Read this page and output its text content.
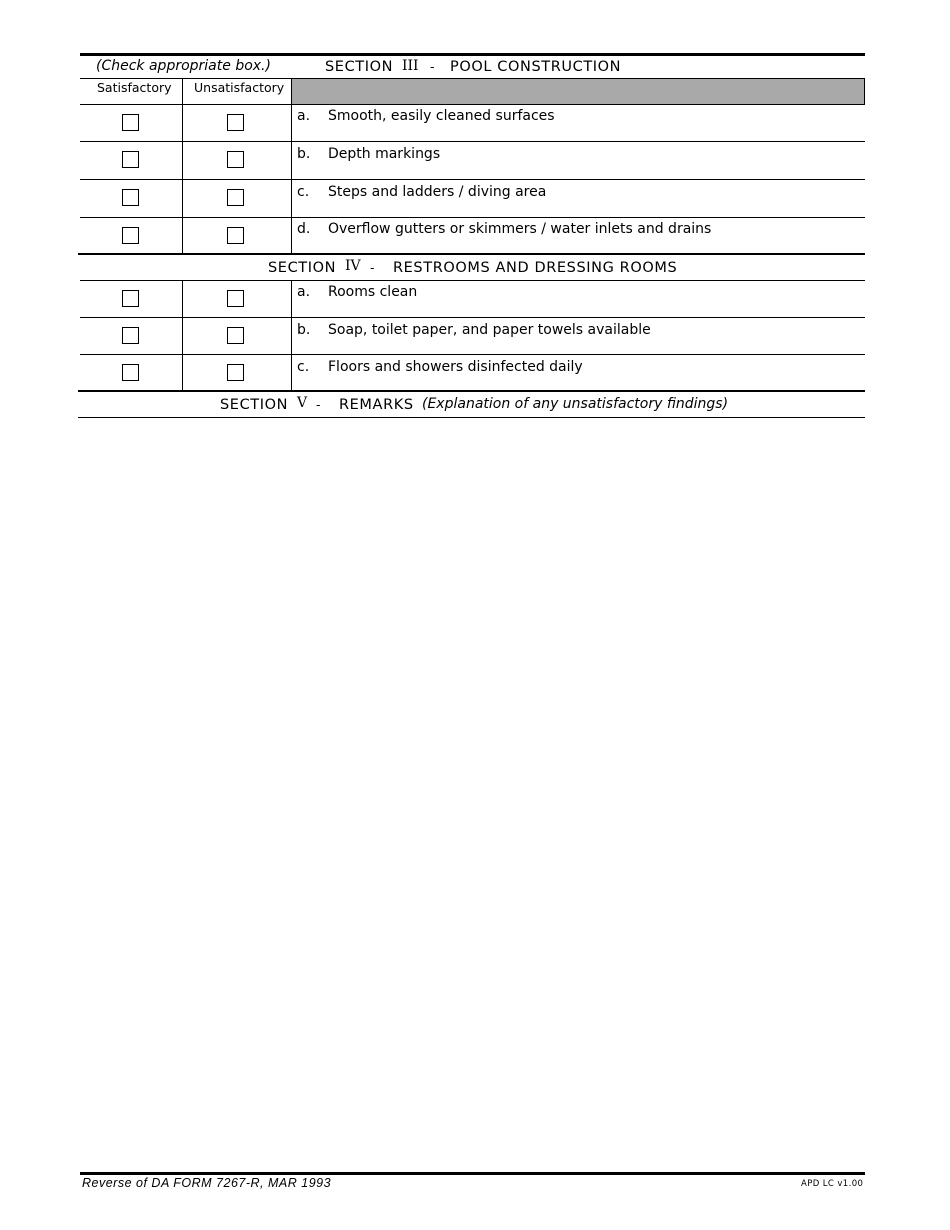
(Check appropriate box.)	SECTION III - POOL CONSTRUCTION
Satisfactory Unsatisfactory
a. Smooth, easily cleaned surfaces
b. Depth markings
c. Steps and ladders / diving area
d. Overflow gutters or skimmers / water inlets and drains
SECTION IV - RESTROOMS AND DRESSING ROOMS
a. Rooms clean
b. Soap, toilet paper, and paper towels available
c. Floors and showers disinfected daily
SECTION V - REMARKS (Explanation of any unsatisfactory findings)
Reverse of DA FORM 7267-R, MAR 1993	APD LC v1.00
